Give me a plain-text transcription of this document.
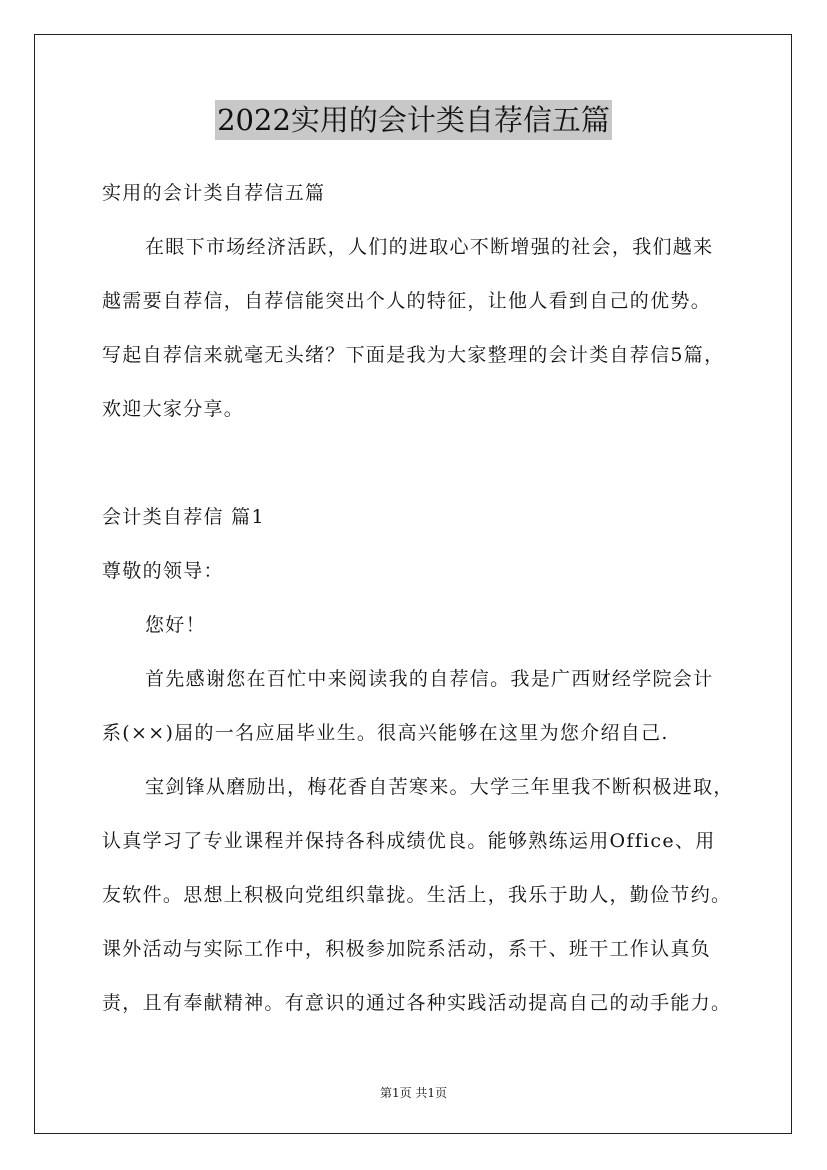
2022实用的会计类自荐信五篇
实用的会计类自荐信五篇
在眼下市场经济活跃，人们的进取心不断增强的社会，我们越来
越需要自荐信，自荐信能突出个人的特征，让他人看到自己的优势。
写起自荐信来就毫无头绪？下面是我为大家整理的会计类自荐信5篇，
欢迎大家分享。
会计类自荐信 篇1
尊敬的领导：
您好！
首先感谢您在百忙中来阅读我的自荐信。我是广西财经学院会计
系(××)届的一名应届毕业生。很高兴能够在这里为您介绍自己.
宝剑锋从磨励出，梅花香自苦寒来。大学三年里我不断积极进取，
认真学习了专业课程并保持各科成绩优良。能够熟练运用Office、用
友软件。思想上积极向党组织靠拢。生活上，我乐于助人，勤俭节约。
课外活动与实际工作中，积极参加院系活动，系干、班干工作认真负
责，且有奉献精神。有意识的通过各种实践活动提高自己的动手能力。
第1页 共1页
